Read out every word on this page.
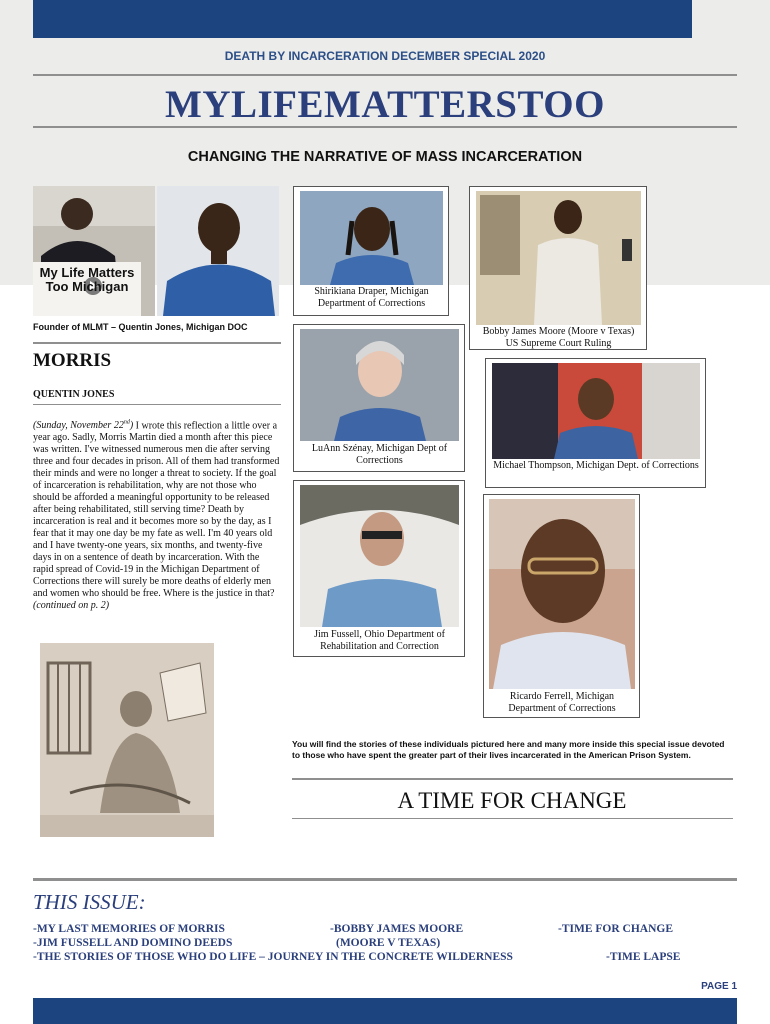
DEATH BY INCARCERATION DECEMBER SPECIAL 2020
MYLIFEMATTERSTOO
CHANGING THE NARRATIVE OF MASS INCARCERATION
My Life Matters Too Michigan
Founder of MLMT – Quentin Jones, Michigan DOC
MORRIS
QUENTIN JONES
(Sunday, November 22nd) I wrote this reflection a little over a year ago. Sadly, Morris Martin died a month after this piece was written. I've witnessed numerous men die after serving three and four decades in prison. All of them had transformed their minds and were no longer a threat to society. If the goal of incarceration is rehabilitation, why are not those who should be afforded a meaningful opportunity to be released after being rehabilitated, still serving time? Death by incarceration is real and it becomes more so by the day, as I fear that it may one day be my fate as well. I'm 40 years old and I have twenty-one years, six months, and twenty-five days in on a sentence of death by incarceration. With the rapid spread of Covid-19 in the Michigan Department of Corrections there will surely be more deaths of elderly men and women who should be free. Where is the justice in that?
(continued on p. 2)
Shirikiana Draper, Michigan Department of Corrections
Bobby James Moore (Moore v Texas) US Supreme Court Ruling
LuAnn Szénay, Michigan Dept of Corrections	Michael Thompson, Michigan Dept. of Corrections
Jim Fussell, Ohio Department of Rehabilitation and Correction
Ricardo Ferrell, Michigan Department of Corrections
You will find the stories of these individuals pictured here and many more inside this special issue devoted to those who have spent the greater part of their lives incarcerated in the American Prison System.
A TIME FOR CHANGE
THIS ISSUE:
-MY LAST MEMORIES OF MORRIS	-BOBBY JAMES MOORE	-TIME FOR CHANGE
-JIM FUSSELL AND DOMINO DEEDS	(MOORE V TEXAS)
-THE STORIES OF THOSE WHO DO LIFE – JOURNEY IN THE CONCRETE WILDERNESS	-TIME LAPSE
PAGE 1
